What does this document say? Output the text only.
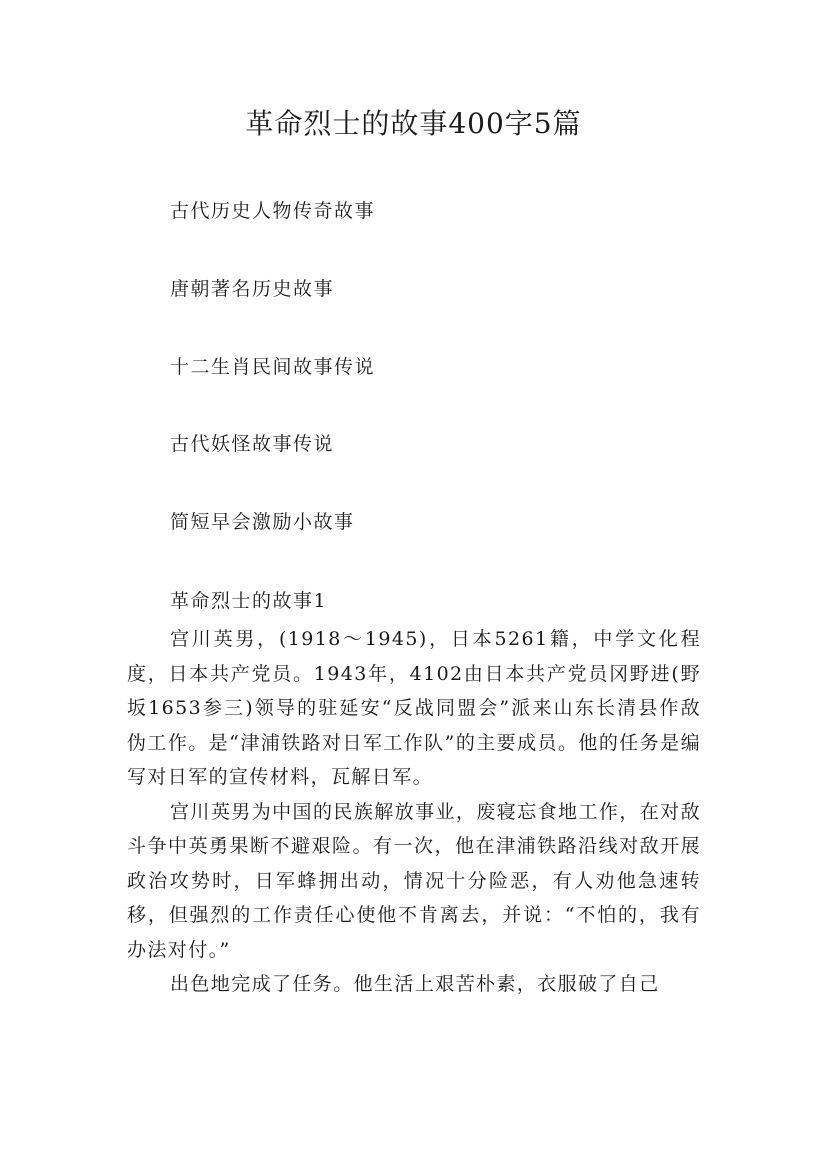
革命烈士的故事400字5篇
古代历史人物传奇故事
唐朝著名历史故事
十二生肖民间故事传说
古代妖怪故事传说
简短早会激励小故事
革命烈士的故事1

宫川英男，(1918～1945)，日本5261籍，中学文化程度，日本共产党员。1943年，4102由日本共产党员冈野进(野坂1653参三)领导的驻延安“反战同盟会”派来山东长清县作敌伪工作。是“津浦铁路对日军工作队”的主要成员。他的任务是编写对日军的宣传材料，瓦解日军。

宫川英男为中国的民族解放事业，废寝忘食地工作，在对敌斗争中英勇果断不避艰险。有一次，他在津浦铁路沿线对敌开展政治攻势时，日军蜂拥出动，情况十分险恶，有人劝他急速转移，但强烈的工作责任心使他不肯离去，并说：“不怕的，我有办法对付。”

出色地完成了任务。他生活上艰苦朴素，衣服破了自己
